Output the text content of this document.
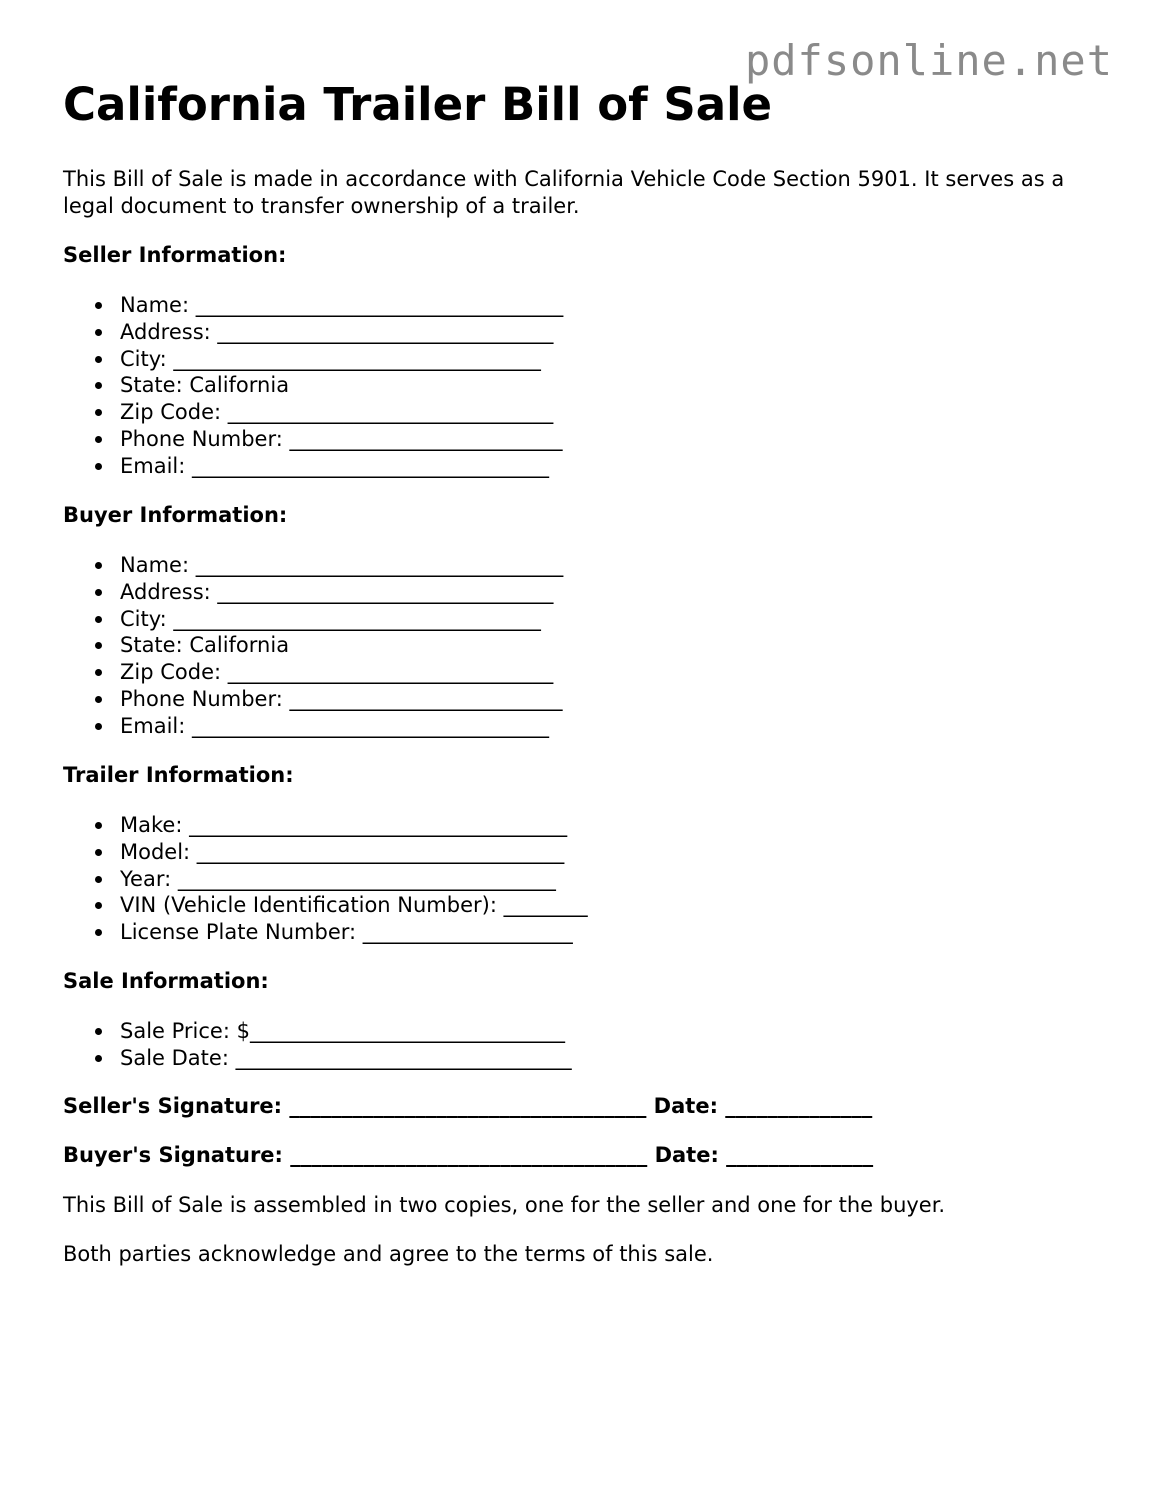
pdfsonline.net
California Trailer Bill of Sale

This Bill of Sale is made in accordance with California Vehicle Code Section 5901. It serves as a legal document to transfer ownership of a trailer.

Seller Information:

Name: ___________________________________
Address: ________________________________
City: ___________________________________
State: California
Zip Code: _______________________________
Phone Number: __________________________
Email: __________________________________

Buyer Information:

Name: ___________________________________
Address: ________________________________
City: ___________________________________
State: California
Zip Code: _______________________________
Phone Number: __________________________
Email: __________________________________

Trailer Information:

Make: ____________________________________
Model: ___________________________________
Year: ____________________________________
VIN (Vehicle Identification Number): ________
License Plate Number: ____________________

Sale Information:

Sale Price: $______________________________
Sale Date: ________________________________

Seller's Signature: __________________________________ Date: ______________

Buyer's Signature: __________________________________ Date: ______________

This Bill of Sale is assembled in two copies, one for the seller and one for the buyer.

Both parties acknowledge and agree to the terms of this sale.
